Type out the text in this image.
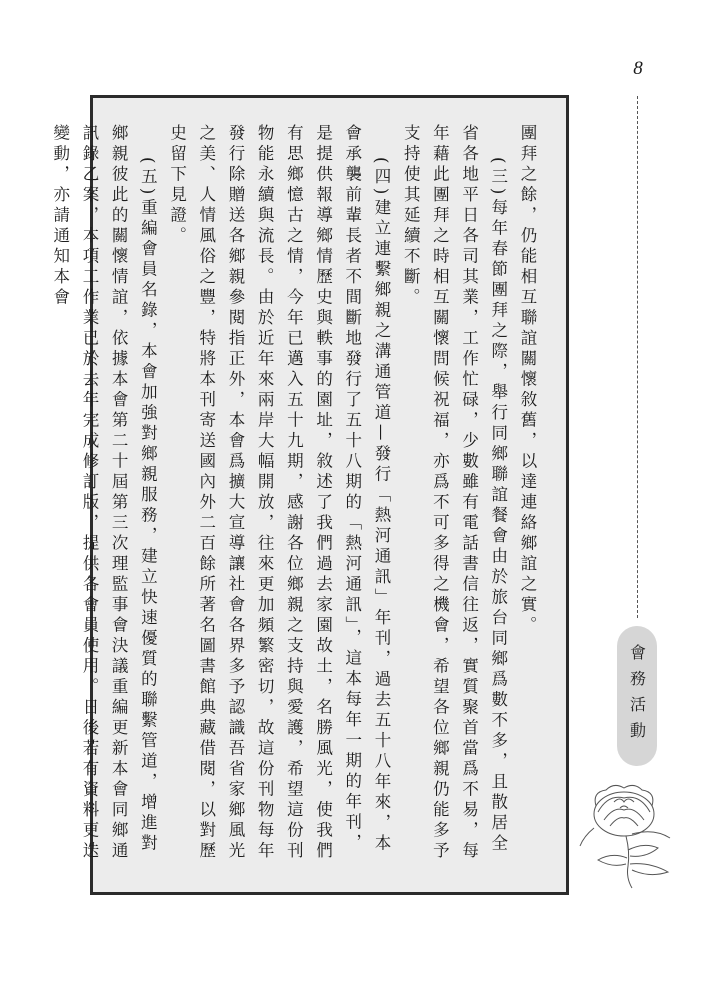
8
會務活動

團拜之餘，仍能相互聯誼關懷敘舊，以達連絡鄉誼之實。

(三)每年春節團拜之際，舉行同鄉聯誼餐會由於旅台同鄉爲數不多，且散居全省各地平日各司其業，工作忙碌，少數雖有電話書信往返，實質聚首當爲不易，每年藉此團拜之時相互關懷問候祝福，亦爲不可多得之機會，希望各位鄉親仍能多予支持使其延續不斷。

(四)建立連繫鄉親之溝通管道—發行「熱河通訊」年刊，過去五十八年來，本會承襲前輩長者不間斷地發行了五十八期的「熱河通訊」，這本每年一期的年刊，是提供報導鄉情歷史與軼事的園址，敘述了我們過去家園故土，名勝風光，使我們有思鄉憶古之情，今年已邁入五十九期，感謝各位鄉親之支持與愛護，希望這份刊物能永續與流長。由於近年來兩岸大幅開放，往來更加頻繁密切，故這份刊物每年發行除贈送各鄉親參閱指正外，本會爲擴大宣導讓社會各界多予認識吾省家鄉風光之美、人情風俗之豐，特將本刊寄送國內外二百餘所著名圖書館典藏借閱，以對歷史留下見證。

(五)重編會員名錄，本會加強對鄉親服務，建立快速優質的聯繫管道，增進對鄉親彼此的關懷情誼，依據本會第二十屆第三次理監事會決議重編更新本會同鄉通訊錄乙案，本項工作業已於去年完成修訂版，提供各會員使用。日後若有資料更迭變動，亦請通知本會
